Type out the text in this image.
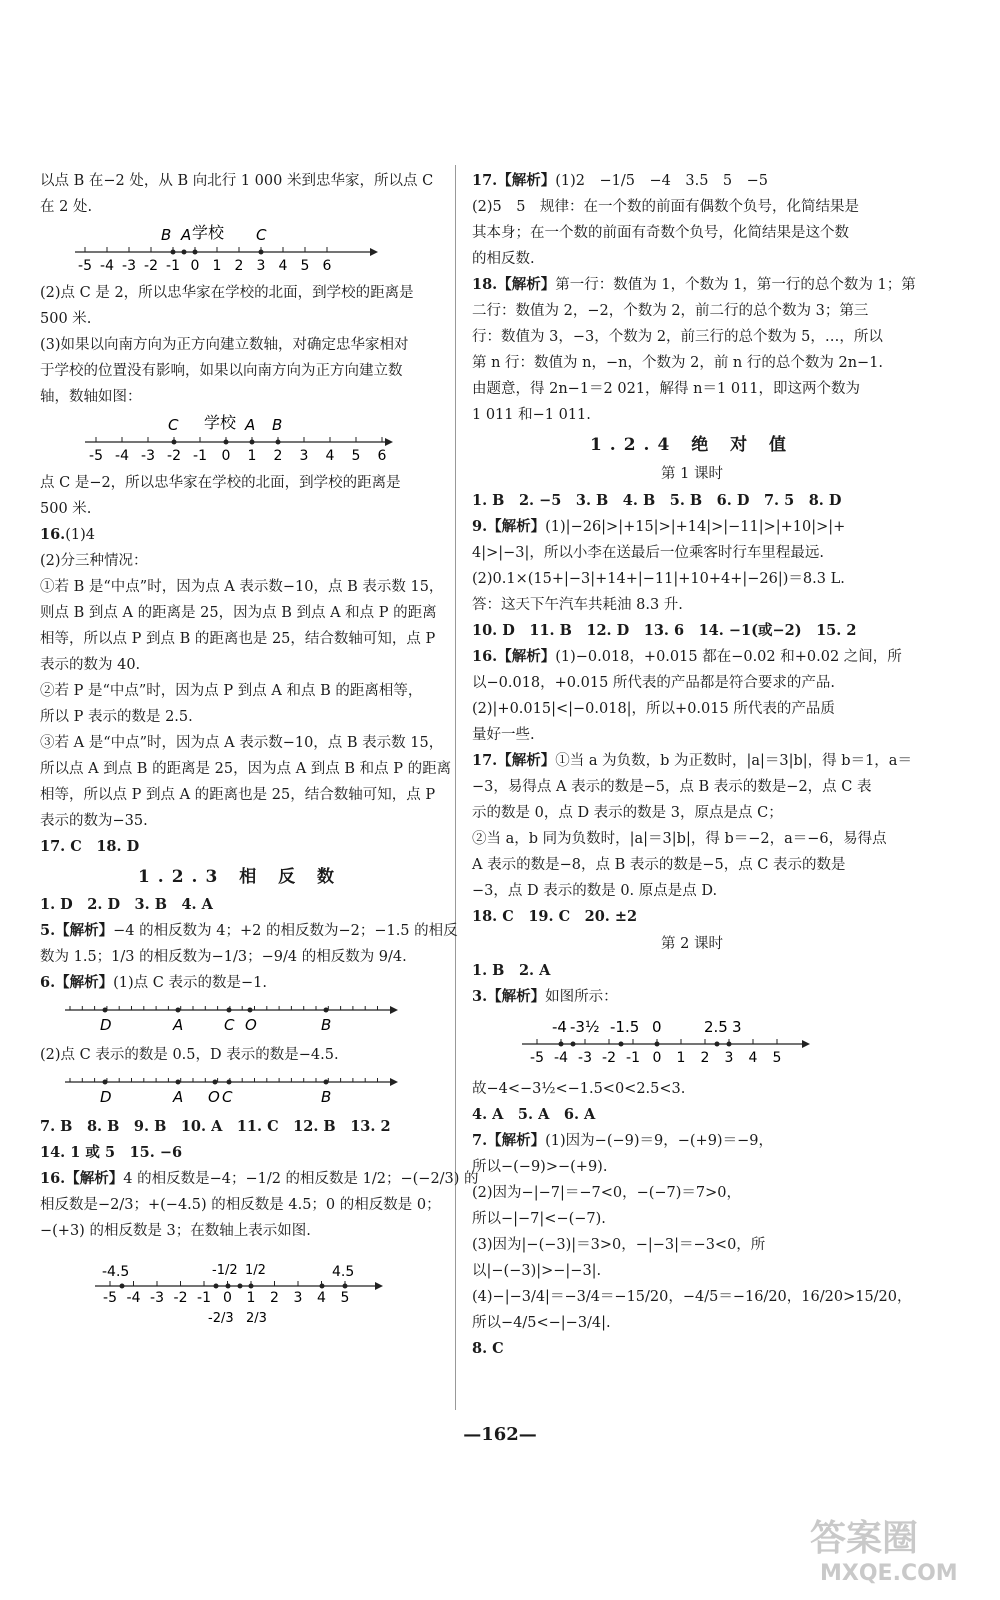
以点 B 在−2 处，从 B 向北行 1 000 米到忠华家，所以点 C
在 2 处.
-5 -4 -3 -2 -1 0 1 2 3 4 5 6
B A 学校 C
(2)点 C 是 2，所以忠华家在学校的北面，到学校的距离是
500 米.
(3)如果以向南方向为正方向建立数轴，对确定忠华家相对
于学校的位置没有影响，如果以向南方向为正方向建立数
轴，数轴如图：
-5 -4 -3 -2 -1 0 1 2 3 4 5 6
C 学校 A B
点 C 是−2，所以忠华家在学校的北面，到学校的距离是
500 米.
16.(1)4
(2)分三种情况：
①若 B 是“中点”时，因为点 A 表示数−10，点 B 表示数 15，
则点 B 到点 A 的距离是 25，因为点 B 到点 A 和点 P 的距离
相等，所以点 P 到点 B 的距离也是 25，结合数轴可知，点 P
表示的数为 40.
②若 P 是“中点”时，因为点 P 到点 A 和点 B 的距离相等，
所以 P 表示的数是 2.5.
③若 A 是“中点”时，因为点 A 表示数−10，点 B 表示数 15，
所以点 A 到点 B 的距离是 25，因为点 A 到点 B 和点 P 的距离
相等，所以点 P 到点 A 的距离也是 25，结合数轴可知，点 P
表示的数为−35.
17. C　18. D
1.2.3 相 反 数
1. D　2. D　3. B　4. A
5.【解析】−4 的相反数为 4；+2 的相反数为−2；−1.5 的相反
数为 1.5；1/3 的相反数为−1/3；−9/4 的相反数为 9/4.
6.【解析】(1)点 C 表示的数是−1.
D	A	C O	B
(2)点 C 表示的数是 0.5，D 表示的数是−4.5.
D	A O C	B
7. B　8. B　9. B　10. A　11. C　12. B　13. 2
14. 1 或 5　15. −6
16.【解析】4 的相反数是−4；−1/2 的相反数是 1/2；−(−2/3) 的
相反数是−2/3；+(−4.5) 的相反数是 4.5；0 的相反数是 0；
−(+3) 的相反数是 3；在数轴上表示如图.
-5 -4 -3 -2 -1 0 1 2 3 4 5
-4.5	-1/2 1/2	4.5
-2/3 2/3
17.【解析】(1)2　−1/5　−4　3.5　5　−5
(2)5　5　规律：在一个数的前面有偶数个负号，化简结果是
其本身；在一个数的前面有奇数个负号，化简结果是这个数
的相反数.
18.【解析】第一行：数值为 1，个数为 1，第一行的总个数为 1；第
二行：数值为 2，−2，个数为 2，前二行的总个数为 3；第三
行：数值为 3，−3，个数为 2，前三行的总个数为 5，…，所以
第 n 行：数值为 n，−n，个数为 2，前 n 行的总个数为 2n−1.
由题意，得 2n−1＝2 021，解得 n＝1 011，即这两个数为
1 011 和−1 011.
1.2.4 绝 对 值
第 1 课时
1. B　2. −5　3. B　4. B　5. B　6. D　7. 5　8. D
9.【解析】(1)|−26|>|+15|>|+14|>|−11|>|+10|>|+
4|>|−3|，所以小李在送最后一位乘客时行车里程最远.
(2)0.1×(15+|−3|+14+|−11|+10+4+|−26|)＝8.3 L.
答：这天下午汽车共耗油 8.3 升.
10. D　11. B　12. D　13. 6　14. −1(或−2)　15. 2
16.【解析】(1)−0.018，+0.015 都在−0.02 和+0.02 之间，所
以−0.018，+0.015 所代表的产品都是符合要求的产品.
(2)|+0.015|<|−0.018|，所以+0.015 所代表的产品质
量好一些.
17.【解析】①当 a 为负数，b 为正数时，|a|＝3|b|，得 b＝1，a＝
−3，易得点 A 表示的数是−5，点 B 表示的数是−2，点 C 表
示的数是 0，点 D 表示的数是 3，原点是点 C；
②当 a，b 同为负数时，|a|＝3|b|，得 b＝−2，a＝−6，易得点
A 表示的数是−8，点 B 表示的数是−5，点 C 表示的数是
−3，点 D 表示的数是 0. 原点是点 D.
18. C　19. C　20. ±2
第 2 课时
1. B　2. A
3.【解析】如图所示：
-5 -4 -3 -2 -1 0 1 2 3 4 5
-4 -3½ -1.5 0	2.5 3
故−4<−3½<−1.5<0<2.5<3.
4. A　5. A　6. A
7.【解析】(1)因为−(−9)＝9，−(+9)＝−9，
所以−(−9)>−(+9).
(2)因为−|−7|＝−7<0，−(−7)＝7>0，
所以−|−7|<−(−7).
(3)因为|−(−3)|＝3>0，−|−3|＝−3<0，所
以|−(−3)|>−|−3|.
(4)−|−3/4|＝−3/4＝−15/20，−4/5＝−16/20，16/20>15/20，
所以−4/5<−|−3/4|.
8. C
—162—
答案圈
MXQE.COM
